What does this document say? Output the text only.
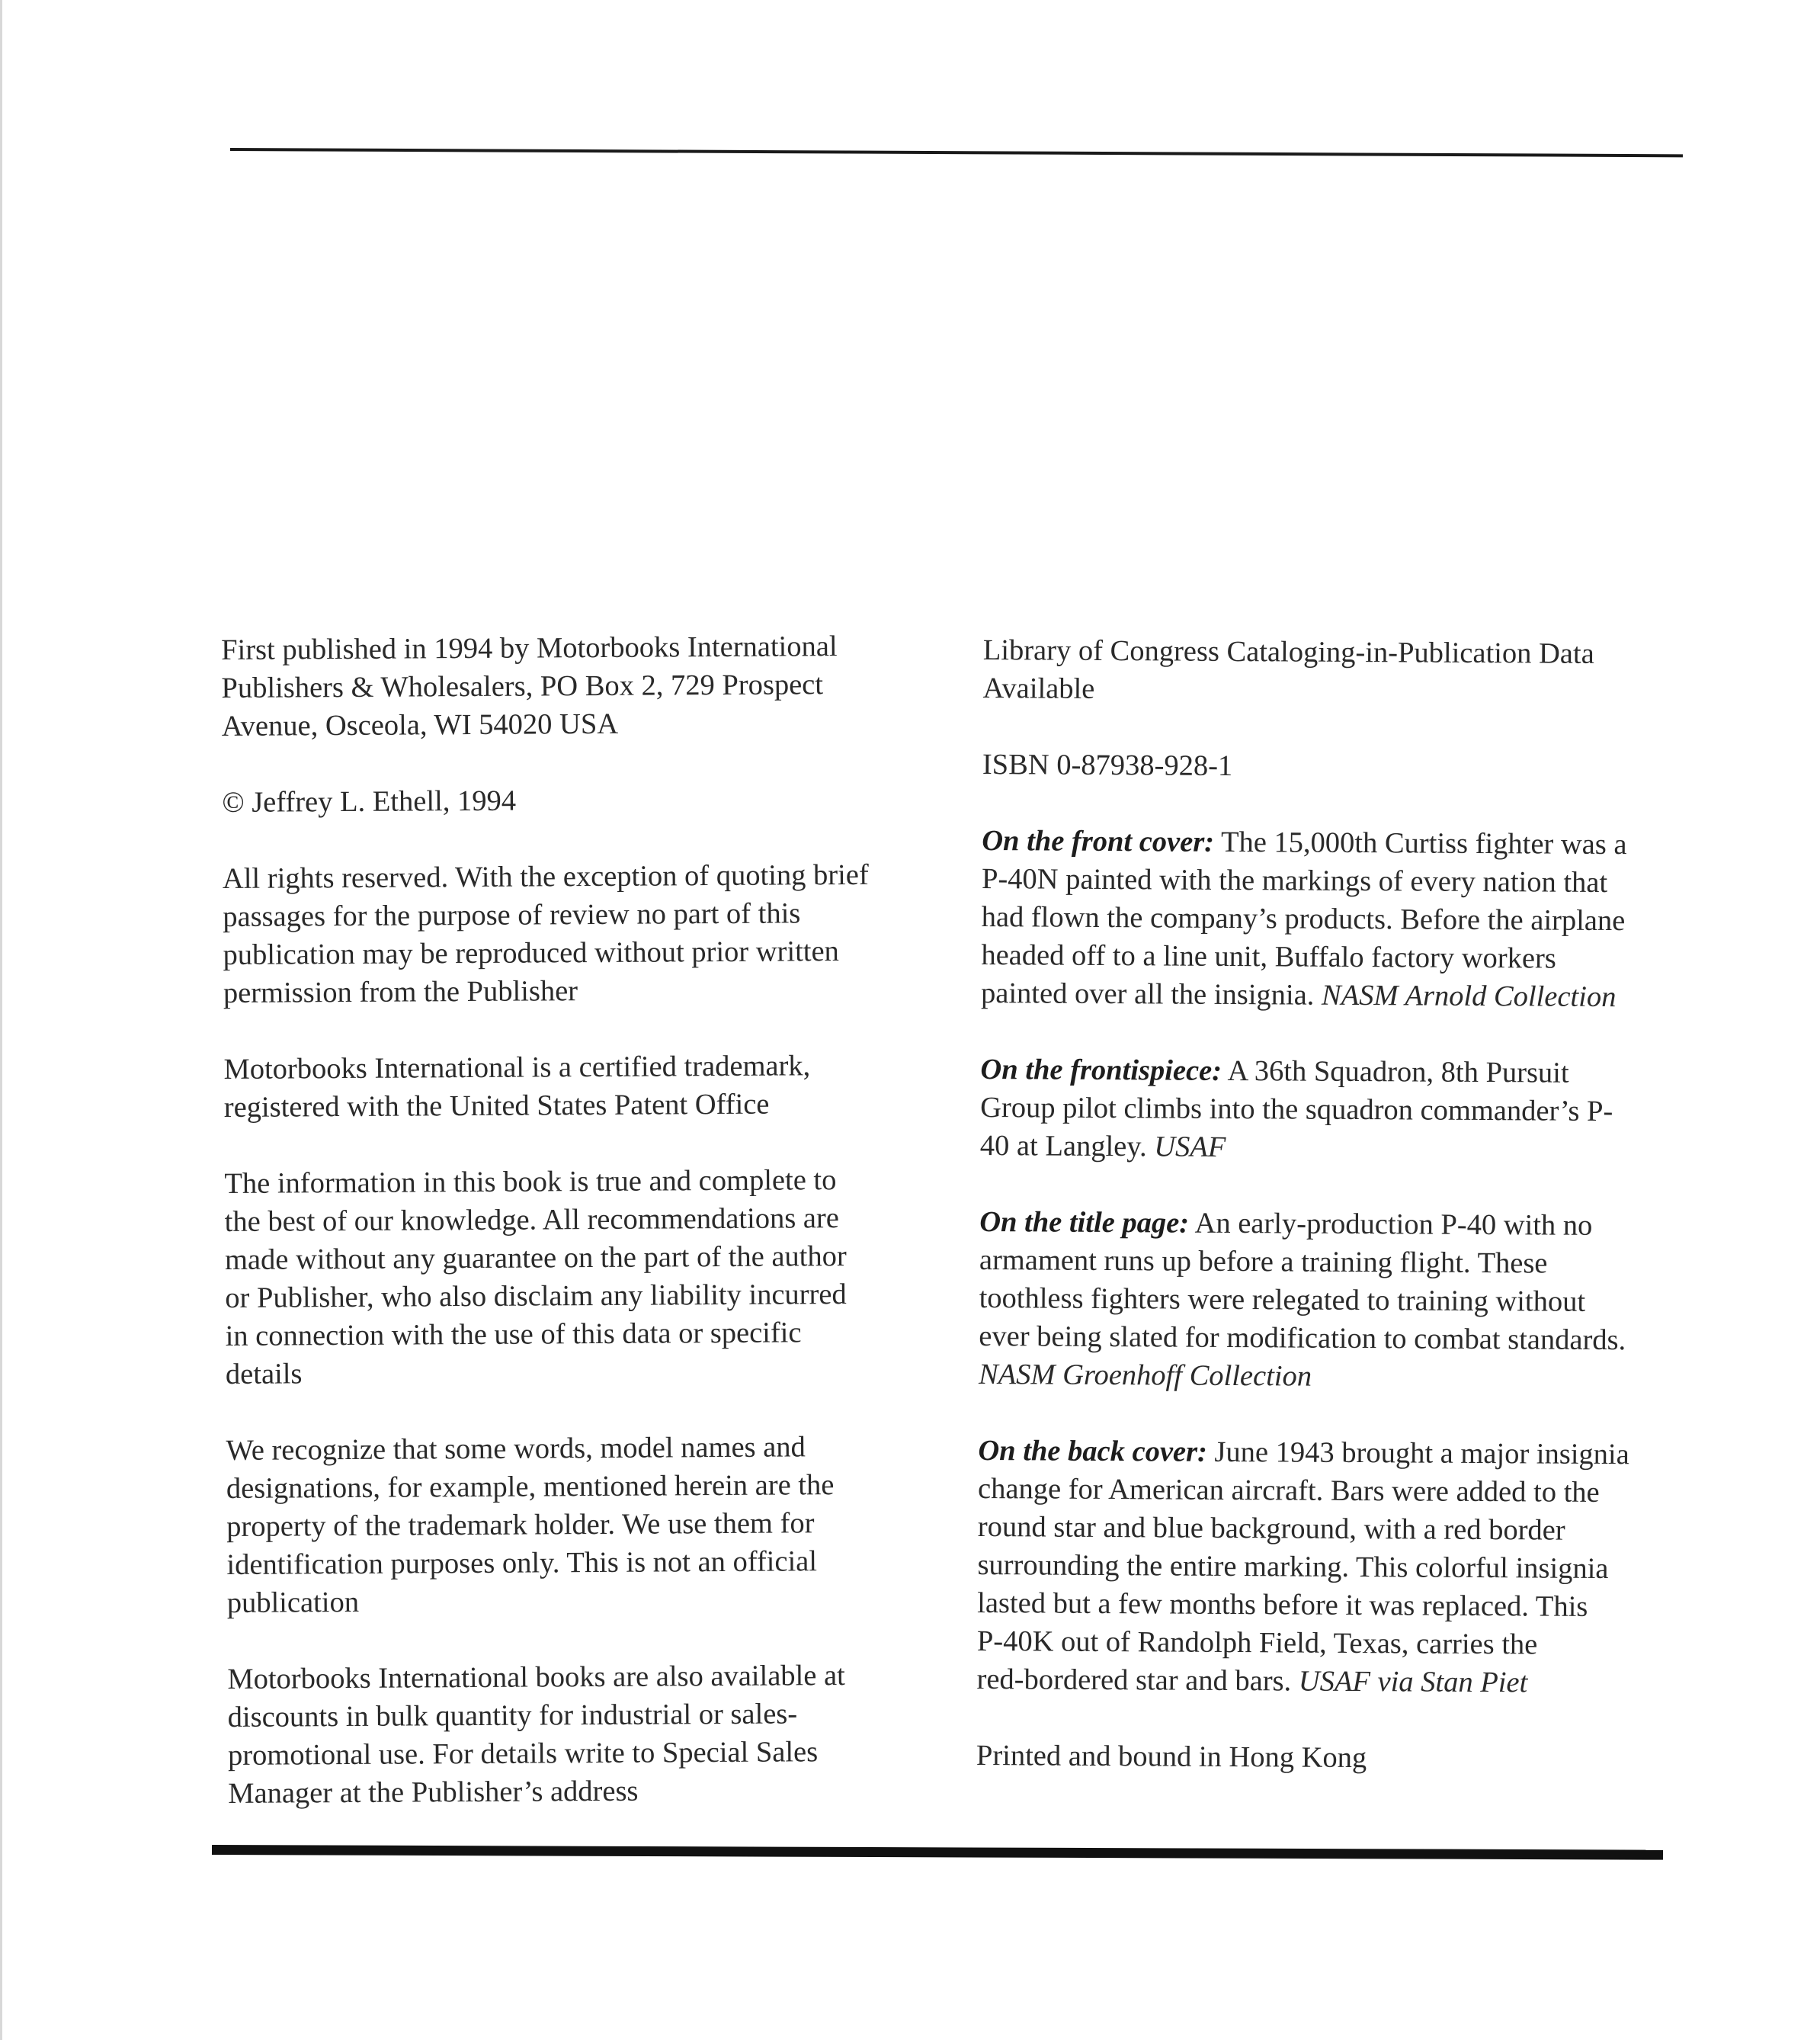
First published in 1994 by Motorbooks International
Publishers & Wholesalers, PO Box 2, 729 Prospect
Avenue, Osceola, WI 54020 USA
© Jeffrey L. Ethell, 1994
All rights reserved. With the exception of quoting brief
passages for the purpose of review no part of this
publication may be reproduced without prior written
permission from the Publisher
Motorbooks International is a certified trademark,
registered with the United States Patent Office
The information in this book is true and complete to
the best of our knowledge. All recommendations are
made without any guarantee on the part of the author
or Publisher, who also disclaim any liability incurred
in connection with the use of this data or specific
details
We recognize that some words, model names and
designations, for example, mentioned herein are the
property of the trademark holder. We use them for
identification purposes only. This is not an official
publication
Motorbooks International books are also available at
discounts in bulk quantity for industrial or sales-
promotional use. For details write to Special Sales
Manager at the Publisher’s address
Library of Congress Cataloging-in-Publication Data
Available
ISBN 0-87938-928-1
On the front cover: The 15,000th Curtiss fighter was a
P-40N painted with the markings of every nation that
had flown the company’s products. Before the airplane
headed off to a line unit, Buffalo factory workers
painted over all the insignia. NASM Arnold Collection
On the frontispiece: A 36th Squadron, 8th Pursuit
Group pilot climbs into the squadron commander’s P-
40 at Langley. USAF
On the title page: An early-production P-40 with no
armament runs up before a training flight. These
toothless fighters were relegated to training without
ever being slated for modification to combat standards.
NASM Groenhoff Collection
On the back cover: June 1943 brought a major insignia
change for American aircraft. Bars were added to the
round star and blue background, with a red border
surrounding the entire marking. This colorful insignia
lasted but a few months before it was replaced. This
P-40K out of Randolph Field, Texas, carries the
red-bordered star and bars. USAF via Stan Piet
Printed and bound in Hong Kong
